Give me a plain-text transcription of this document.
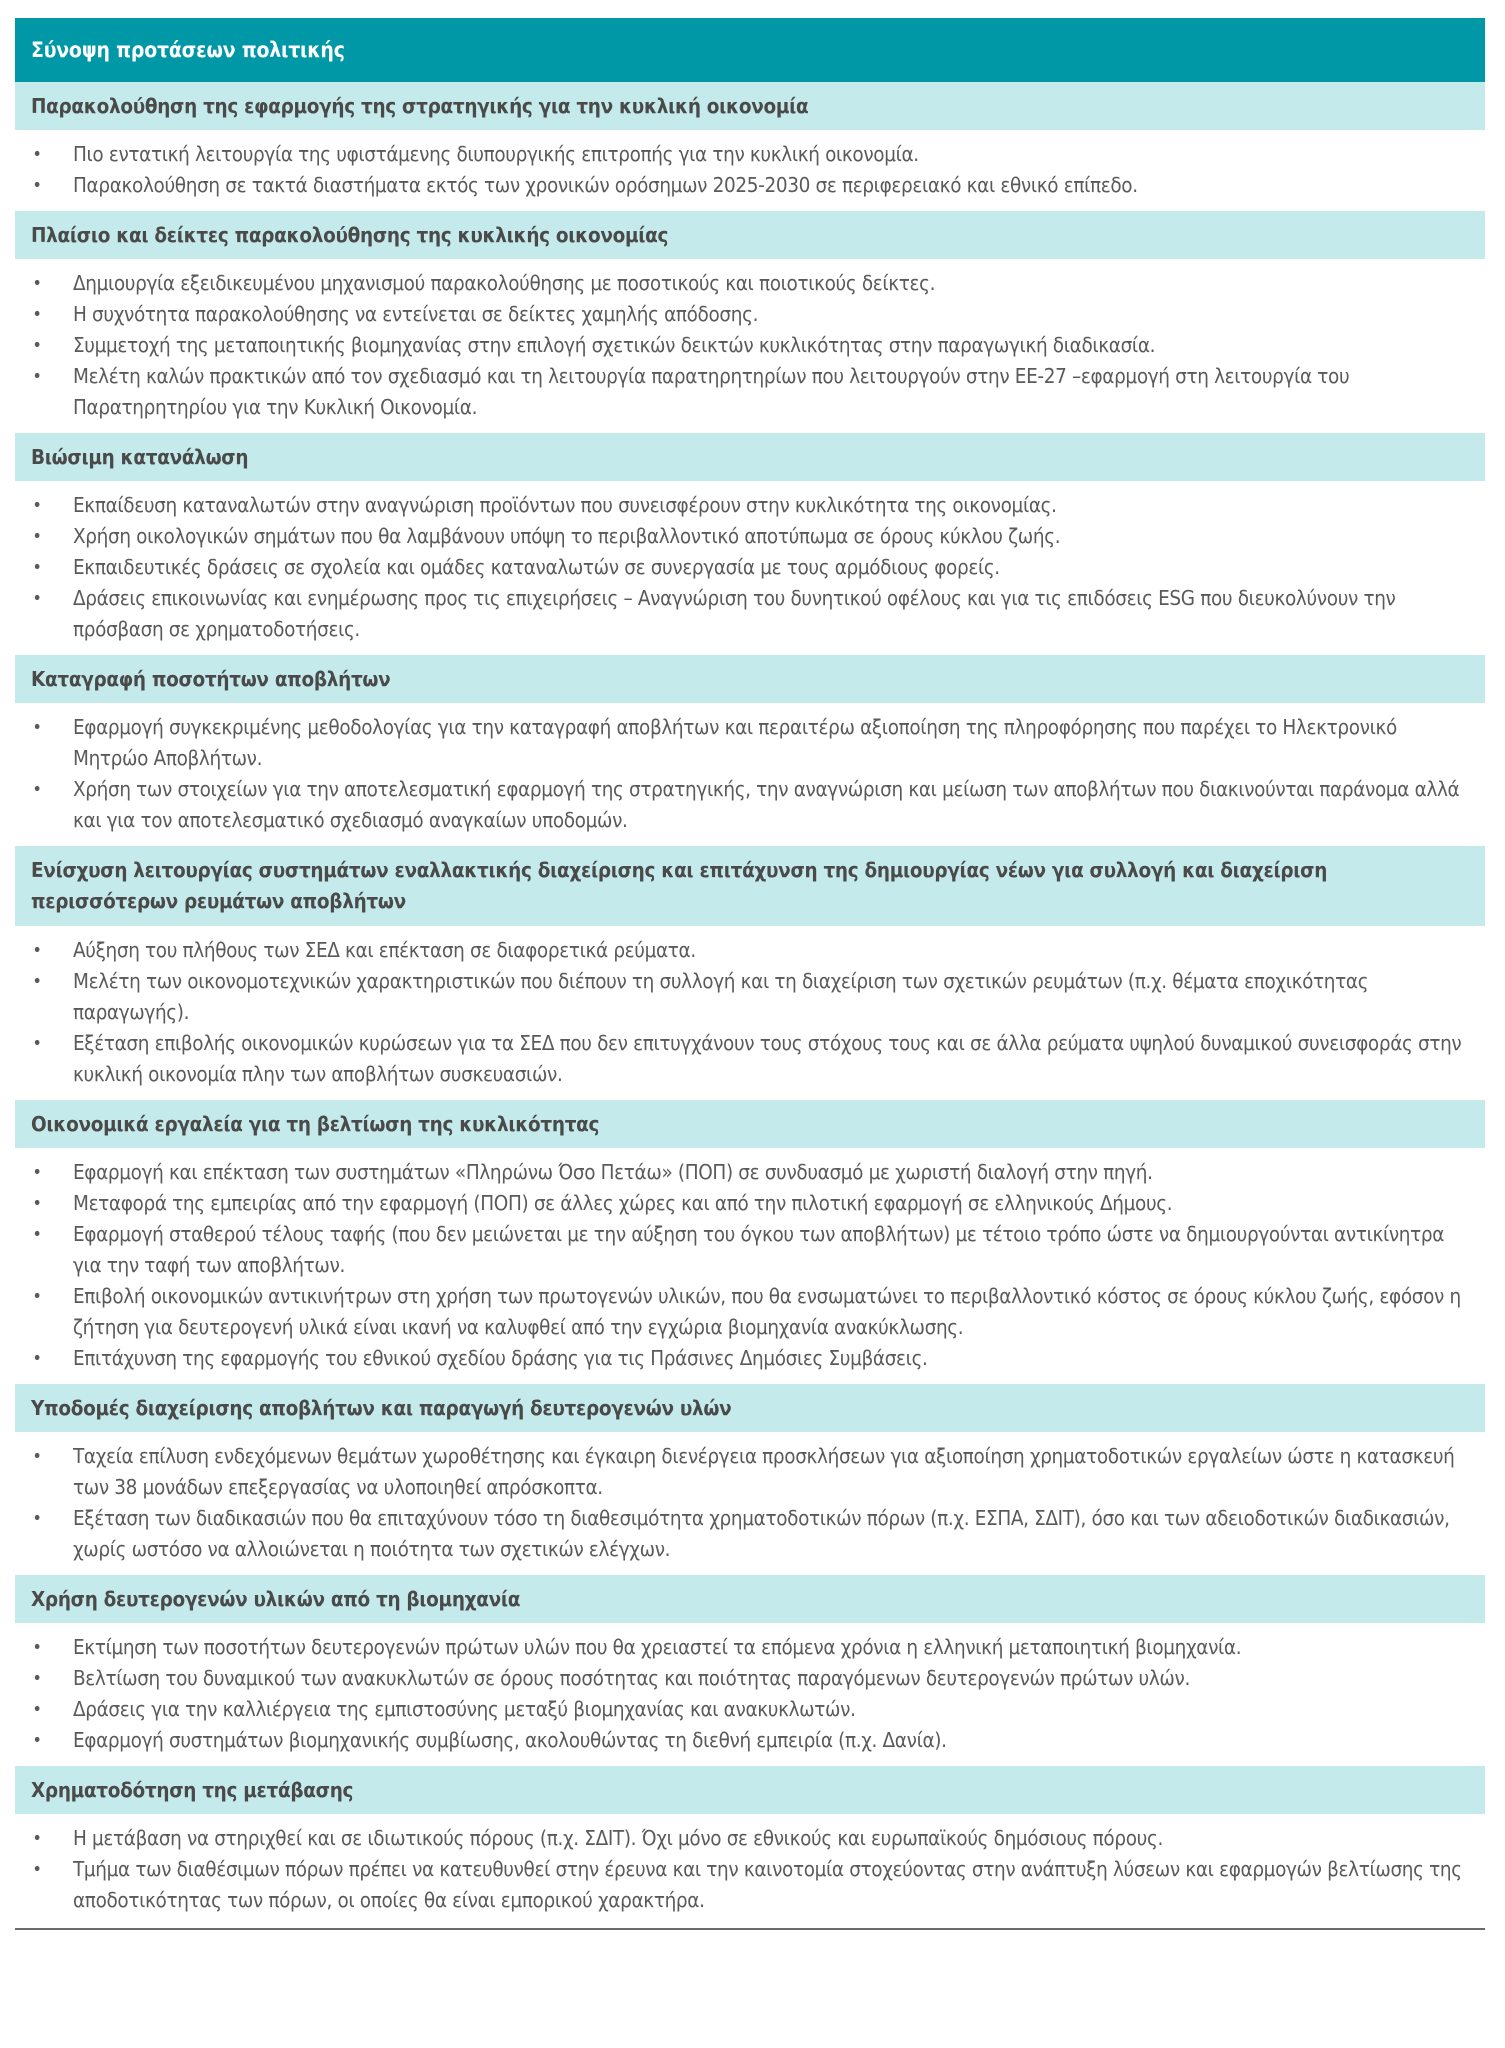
Σύνοψη προτάσεων πολιτικής
Παρακολούθηση της εφαρμογής της στρατηγικής για την κυκλική οικονομία
• Πιο εντατική λειτουργία της υφιστάμενης διυπουργικής επιτροπής για την κυκλική οικονομία.
• Παρακολούθηση σε τακτά διαστήματα εκτός των χρονικών ορόσημων 2025-2030 σε περιφερειακό και εθνικό επίπεδο.
Πλαίσιο και δείκτες παρακολούθησης της κυκλικής οικονομίας
• Δημιουργία εξειδικευμένου μηχανισμού παρακολούθησης με ποσοτικούς και ποιοτικούς δείκτες.
• Η συχνότητα παρακολούθησης να εντείνεται σε δείκτες χαμηλής απόδοσης.
• Συμμετοχή της μεταποιητικής βιομηχανίας στην επιλογή σχετικών δεικτών κυκλικότητας στην παραγωγική διαδικασία.
• Μελέτη καλών πρακτικών από τον σχεδιασμό και τη λειτουργία παρατηρητηρίων που λειτουργούν στην ΕΕ-27 –εφαρμογή στη λειτουργία του Παρατηρητηρίου για την Κυκλική Οικονομία.
Βιώσιμη κατανάλωση
• Εκπαίδευση καταναλωτών στην αναγνώριση προϊόντων που συνεισφέρουν στην κυκλικότητα της οικονομίας.
• Χρήση οικολογικών σημάτων που θα λαμβάνουν υπόψη το περιβαλλοντικό αποτύπωμα σε όρους κύκλου ζωής.
• Εκπαιδευτικές δράσεις σε σχολεία και ομάδες καταναλωτών σε συνεργασία με τους αρμόδιους φορείς.
• Δράσεις επικοινωνίας και ενημέρωσης προς τις επιχειρήσεις – Αναγνώριση του δυνητικού οφέλους και για τις επιδόσεις ESG που διευκολύνουν την πρόσβαση σε χρηματοδοτήσεις.
Καταγραφή ποσοτήτων αποβλήτων
• Εφαρμογή συγκεκριμένης μεθοδολογίας για την καταγραφή αποβλήτων και περαιτέρω αξιοποίηση της πληροφόρησης που παρέχει το Ηλεκτρονικό Μητρώο Αποβλήτων.
• Χρήση των στοιχείων για την αποτελεσματική εφαρμογή της στρατηγικής, την αναγνώριση και μείωση των αποβλήτων που διακινούνται παράνομα αλλά και για τον αποτελεσματικό σχεδιασμό αναγκαίων υποδομών.
Ενίσχυση λειτουργίας συστημάτων εναλλακτικής διαχείρισης και επιτάχυνση της δημιουργίας νέων για συλλογή και διαχείριση περισσότερων ρευμάτων αποβλήτων
• Αύξηση του πλήθους των ΣΕΔ και επέκταση σε διαφορετικά ρεύματα.
• Μελέτη των οικονομοτεχνικών χαρακτηριστικών που διέπουν τη συλλογή και τη διαχείριση των σχετικών ρευμάτων (π.χ. θέματα εποχικότητας παραγωγής).
• Εξέταση επιβολής οικονομικών κυρώσεων για τα ΣΕΔ που δεν επιτυγχάνουν τους στόχους τους και σε άλλα ρεύματα υψηλού δυναμικού συνεισφοράς στην κυκλική οικονομία πλην των αποβλήτων συσκευασιών.
Οικονομικά εργαλεία για τη βελτίωση της κυκλικότητας
• Εφαρμογή και επέκταση των συστημάτων «Πληρώνω Όσο Πετάω» (ΠΟΠ) σε συνδυασμό με χωριστή διαλογή στην πηγή.
• Μεταφορά της εμπειρίας από την εφαρμογή (ΠΟΠ) σε άλλες χώρες και από την πιλοτική εφαρμογή σε ελληνικούς Δήμους.
• Εφαρμογή σταθερού τέλους ταφής (που δεν μειώνεται με την αύξηση του όγκου των αποβλήτων) με τέτοιο τρόπο ώστε να δημιουργούνται αντικίνητρα για την ταφή των αποβλήτων.
• Επιβολή οικονομικών αντικινήτρων στη χρήση των πρωτογενών υλικών, που θα ενσωματώνει το περιβαλλοντικό κόστος σε όρους κύκλου ζωής, εφόσον η ζήτηση για δευτερογενή υλικά είναι ικανή να καλυφθεί από την εγχώρια βιομηχανία ανακύκλωσης.
• Επιτάχυνση της εφαρμογής του εθνικού σχεδίου δράσης για τις Πράσινες Δημόσιες Συμβάσεις.
Υποδομές διαχείρισης αποβλήτων και παραγωγή δευτερογενών υλών
• Ταχεία επίλυση ενδεχόμενων θεμάτων χωροθέτησης και έγκαιρη διενέργεια προσκλήσεων για αξιοποίηση χρηματοδοτικών εργαλείων ώστε η κατασκευή των 38 μονάδων επεξεργασίας να υλοποιηθεί απρόσκοπτα.
• Εξέταση των διαδικασιών που θα επιταχύνουν τόσο τη διαθεσιμότητα χρηματοδοτικών πόρων (π.χ. ΕΣΠΑ, ΣΔΙΤ), όσο και των αδειοδοτικών διαδικασιών, χωρίς ωστόσο να αλλοιώνεται η ποιότητα των σχετικών ελέγχων.
Χρήση δευτερογενών υλικών από τη βιομηχανία
• Εκτίμηση των ποσοτήτων δευτερογενών πρώτων υλών που θα χρειαστεί τα επόμενα χρόνια η ελληνική μεταποιητική βιομηχανία.
• Βελτίωση του δυναμικού των ανακυκλωτών σε όρους ποσότητας και ποιότητας παραγόμενων δευτερογενών πρώτων υλών.
• Δράσεις για την καλλιέργεια της εμπιστοσύνης μεταξύ βιομηχανίας και ανακυκλωτών.
• Εφαρμογή συστημάτων βιομηχανικής συμβίωσης, ακολουθώντας τη διεθνή εμπειρία (π.χ. Δανία).
Χρηματοδότηση της μετάβασης
• Η μετάβαση να στηριχθεί και σε ιδιωτικούς πόρους (π.χ. ΣΔΙΤ). Όχι μόνο σε εθνικούς και ευρωπαϊκούς δημόσιους πόρους.
• Τμήμα των διαθέσιμων πόρων πρέπει να κατευθυνθεί στην έρευνα και την καινοτομία στοχεύοντας στην ανάπτυξη λύσεων και εφαρμογών βελτίωσης της αποδοτικότητας των πόρων, οι οποίες θα είναι εμπορικού χαρακτήρα.
